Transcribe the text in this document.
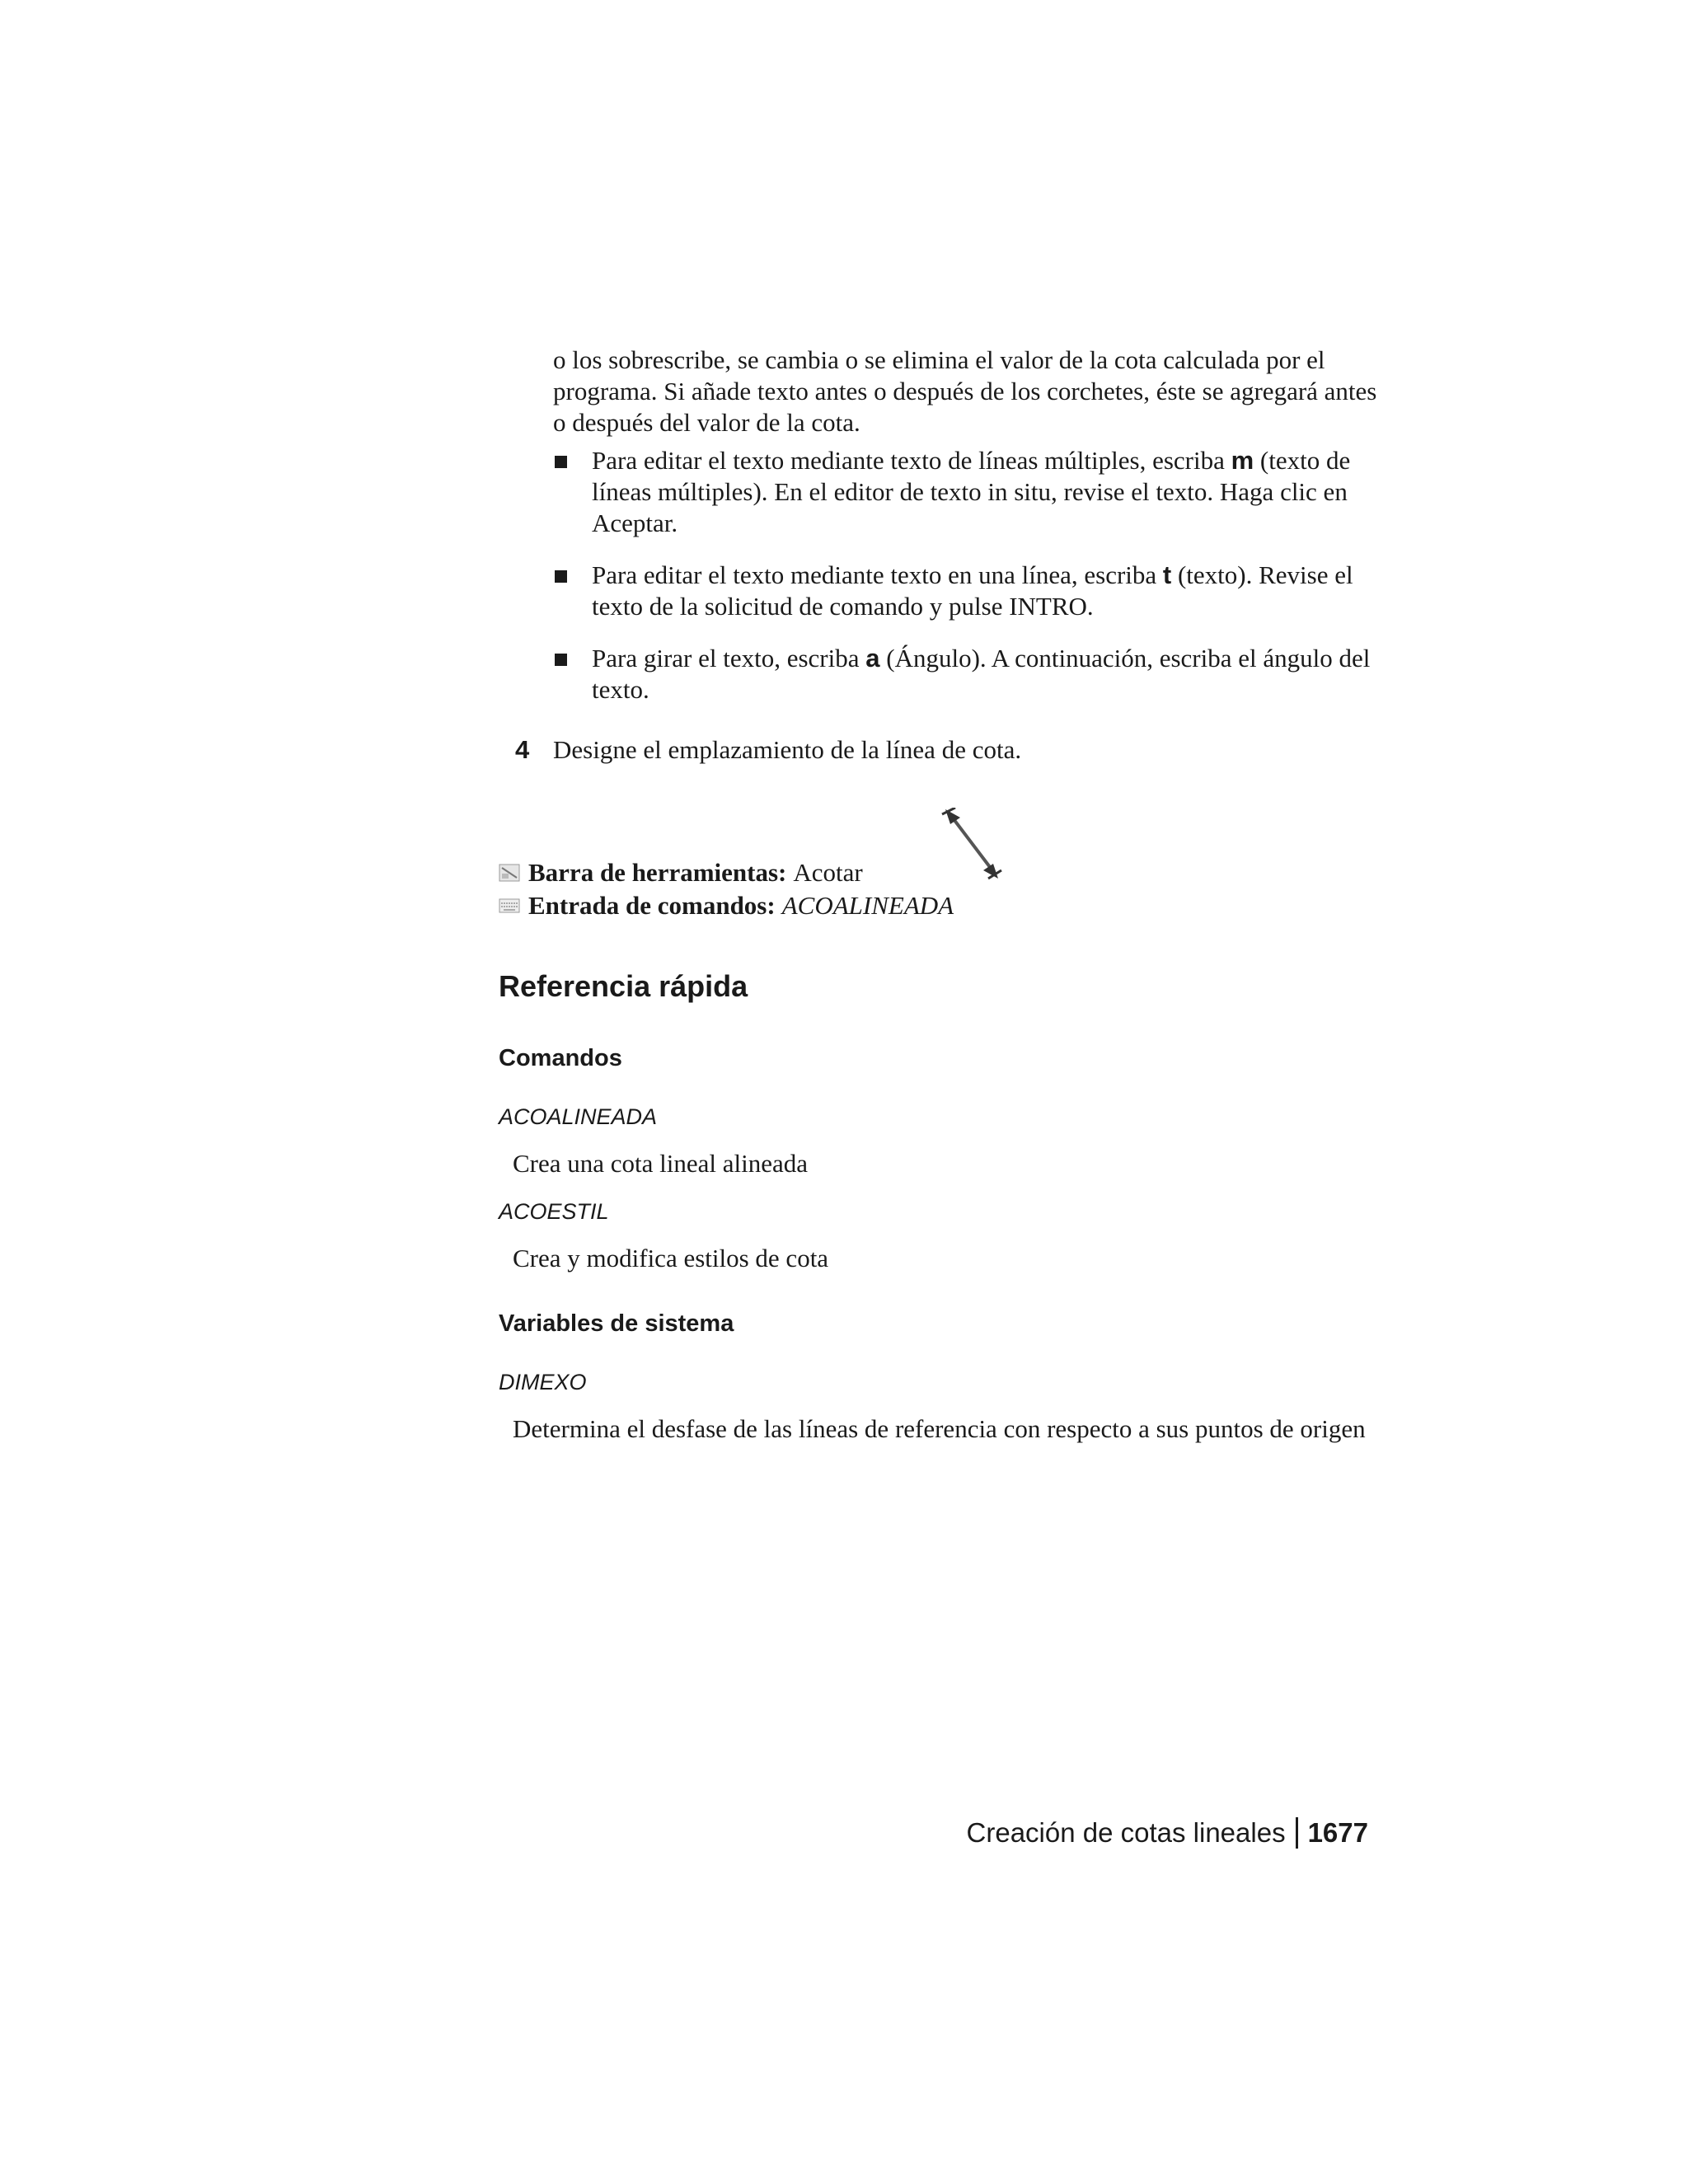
o los sobrescribe, se cambia o se elimina el valor de la cota calculada por el programa. Si añade texto antes o después de los corchetes, éste se agregará antes o después del valor de la cota.

Para editar el texto mediante texto de líneas múltiples, escriba m (texto de líneas múltiples). En el editor de texto in situ, revise el texto. Haga clic en Aceptar.
Para editar el texto mediante texto en una línea, escriba t (texto). Revise el texto de la solicitud de comando y pulse INTRO.
Para girar el texto, escriba a (Ángulo). A continuación, escriba el ángulo del texto.
4 Designe el emplazamiento de la línea de cota.
Barra de herramientas: Acotar
Entrada de comandos: ACOALINEADA
Referencia rápida
Comandos
ACOALINEADA
Crea una cota lineal alineada
ACOESTIL
Crea y modifica estilos de cota
Variables de sistema
DIMEXO
Determina el desfase de las líneas de referencia con respecto a sus puntos de origen
Creación de cotas lineales 1677
